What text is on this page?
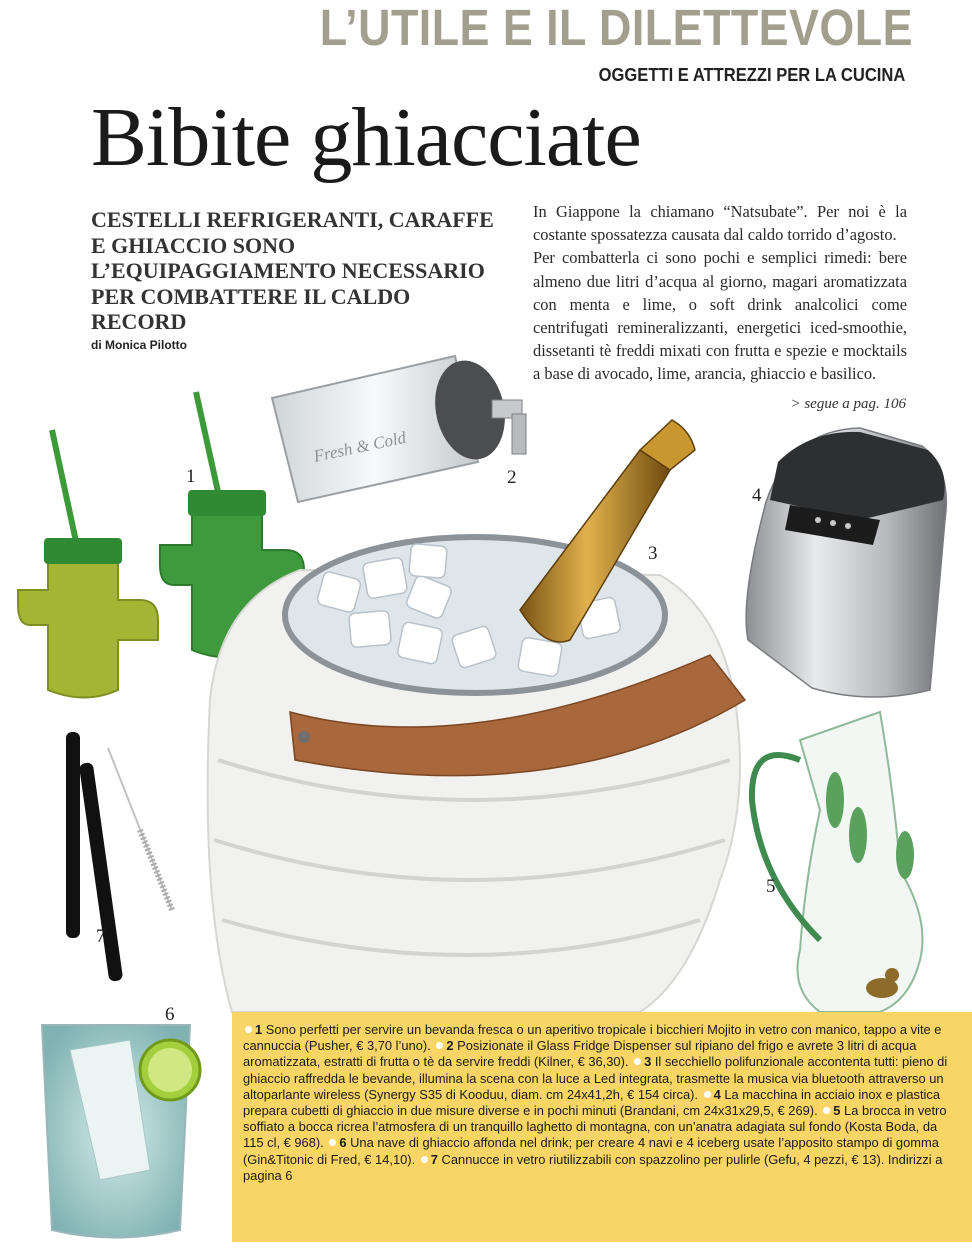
L’UTILE E IL DILETTEVOLE
OGGETTI E ATTREZZI PER LA CUCINA
Bibite ghiacciate
CESTELLI REFRIGERANTI, CARAFFE E GHIACCIO SONO L’EQUIPAGGIAMENTO NECESSARIO PER COMBATTERE IL CALDO RECORD
di Monica Pilotto

In Giappone la chiamano “Natsubate”. Per noi è la costante spossatezza causata dal caldo torrido d’agosto.

Per combatterla ci sono pochi e semplici rimedi: bere almeno due litri d’acqua al giorno, magari aromatizzata con menta e lime, o soft drink analcolici come centrifugati remineralizzanti, energetici iced-smoothie, dissetanti tè freddi mixati con frutta e spezie e mocktails a base di avocado, lime, arancia, ghiaccio e basilico.

> segue a pag. 106
Fresh & Cold
1	2
3
4
5
6
7
1 Sono perfetti per servire un bevanda fresca o un aperitivo tropicale i bicchieri Mojito in vetro con manico, tappo a vite e cannuccia (Pusher, € 3,70 l’uno). 2 Posizionate il Glass Fridge Dispenser sul ripiano del frigo e avrete 3 litri di acqua aromatizzata, estratti di frutta o tè da servire freddi (Kilner, € 36,30). 3 Il secchiello polifunzionale accontenta tutti: pieno di ghiaccio raffredda le bevande, illumina la scena con la luce a Led integrata, trasmette la musica via bluetooth attraverso un altoparlante wireless (Synergy S35 di Kooduu, diam. cm 24x41,2h, € 154 circa). 4 La macchina in acciaio inox e plastica prepara cubetti di ghiaccio in due misure diverse e in pochi minuti (Brandani, cm 24x31x29,5, € 269). 5 La brocca in vetro soffiato a bocca ricrea l’atmosfera di un tranquillo laghetto di montagna, con un’anatra adagiata sul fondo (Kosta Boda, da 115 cl, € 968). 6 Una nave di ghiaccio affonda nel drink; per creare 4 navi e 4 iceberg usate l’apposito stampo di gomma (Gin&Titonic di Fred, € 14,10). 7 Cannucce in vetro riutilizzabili con spazzolino per pulirle (Gefu, 4 pezzi, € 13). Indirizzi a pagina 6
